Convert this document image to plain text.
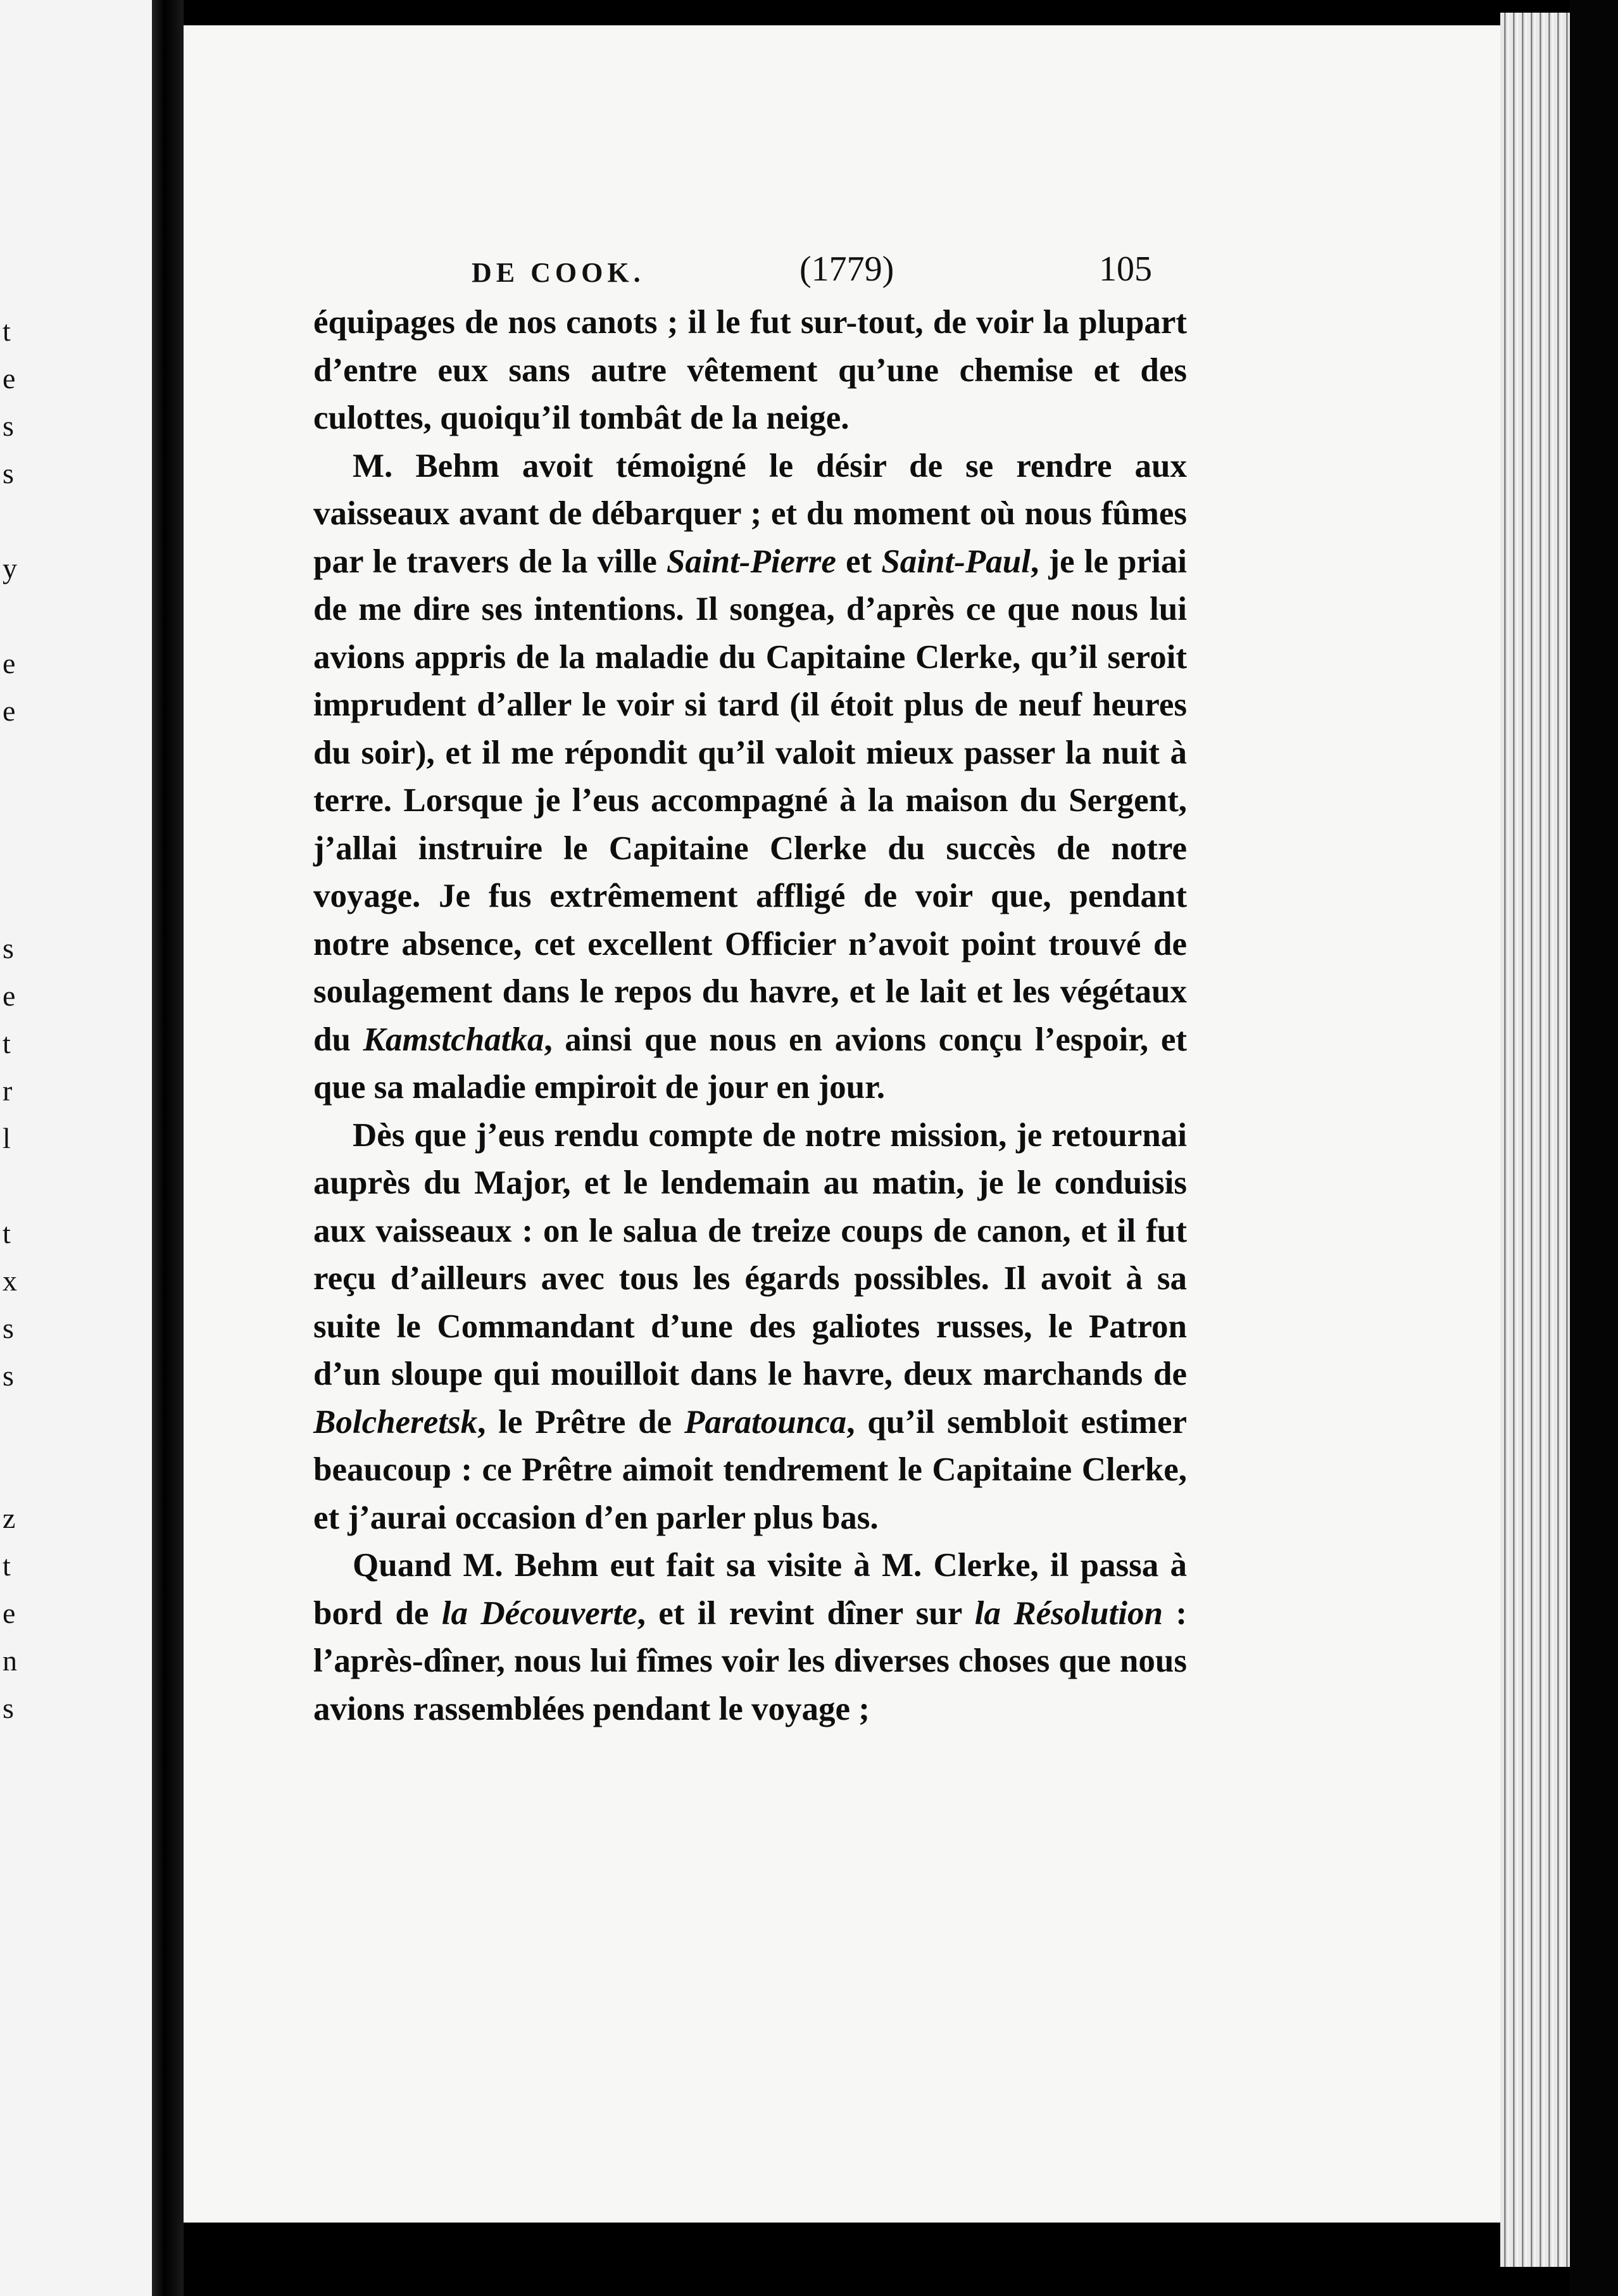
t
e
s
s
y
e
e
s
e
t
r
l
t
x
s
s
z
t
e
n
s
DE COOK.	(1779)	105

équipages de nos canots ; il le fut sur-tout, de voir la plupart d’entre eux sans autre vêtement qu’une chemise et des culottes, quoiqu’il tombât de la neige.

M. Behm avoit témoigné le désir de se rendre aux vaisseaux avant de débarquer ; et du moment où nous fûmes par le travers de la ville Saint-Pierre et Saint-Paul, je le priai de me dire ses intentions. Il songea, d’après ce que nous lui avions appris de la maladie du Capitaine Clerke, qu’il seroit imprudent d’aller le voir si tard (il étoit plus de neuf heures du soir), et il me répondit qu’il valoit mieux passer la nuit à terre. Lorsque je l’eus accompagné à la maison du Sergent, j’allai instruire le Capitaine Clerke du succès de notre voyage. Je fus extrêmement affligé de voir que, pendant notre absence, cet excellent Officier n’avoit point trouvé de soulagement dans le repos du havre, et le lait et les végétaux du Kamstchatka, ainsi que nous en avions conçu l’espoir, et que sa maladie empiroit de jour en jour.

Dès que j’eus rendu compte de notre mission, je retournai auprès du Major, et le lendemain au matin, je le conduisis aux vaisseaux : on le salua de treize coups de canon, et il fut reçu d’ailleurs avec tous les égards possibles. Il avoit à sa suite le Commandant d’une des galiotes russes, le Patron d’un sloupe qui mouilloit dans le havre, deux marchands de Bolcheretsk, le Prêtre de Paratounca, qu’il sembloit estimer beaucoup : ce Prêtre aimoit tendrement le Capitaine Clerke, et j’aurai occasion d’en parler plus bas.

Quand M. Behm eut fait sa visite à M. Clerke, il passa à bord de la Découverte, et il revint dîner sur la Résolution : l’après-dîner, nous lui fîmes voir les diverses choses que nous avions rassemblées pendant le voyage ;
